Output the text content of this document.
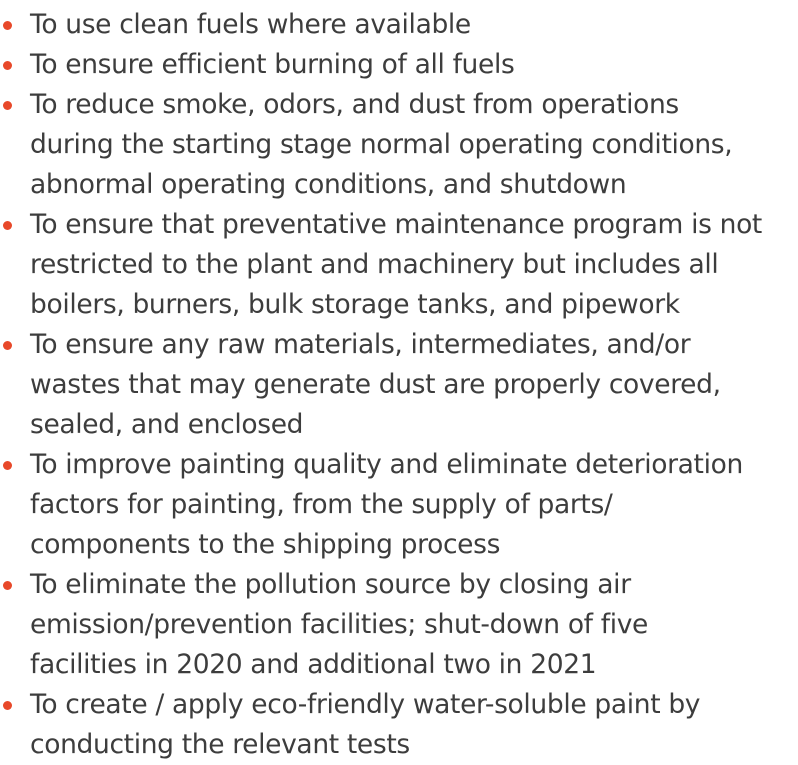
To use clean fuels where available
To ensure efficient burning of all fuels
To reduce smoke, odors, and dust from operations
during the starting stage normal operating conditions,
abnormal operating conditions, and shutdown
To ensure that preventative maintenance program is not
restricted to the plant and machinery but includes all
boilers, burners, bulk storage tanks, and pipework
To ensure any raw materials, intermediates, and/or
wastes that may generate dust are properly covered,
sealed, and enclosed
To improve painting quality and eliminate deterioration
factors for painting, from the supply of parts/
components to the shipping process
To eliminate the pollution source by closing air
emission/prevention facilities; shut-down of five
facilities in 2020 and additional two in 2021
To create / apply eco-friendly water-soluble paint by
conducting the relevant tests
